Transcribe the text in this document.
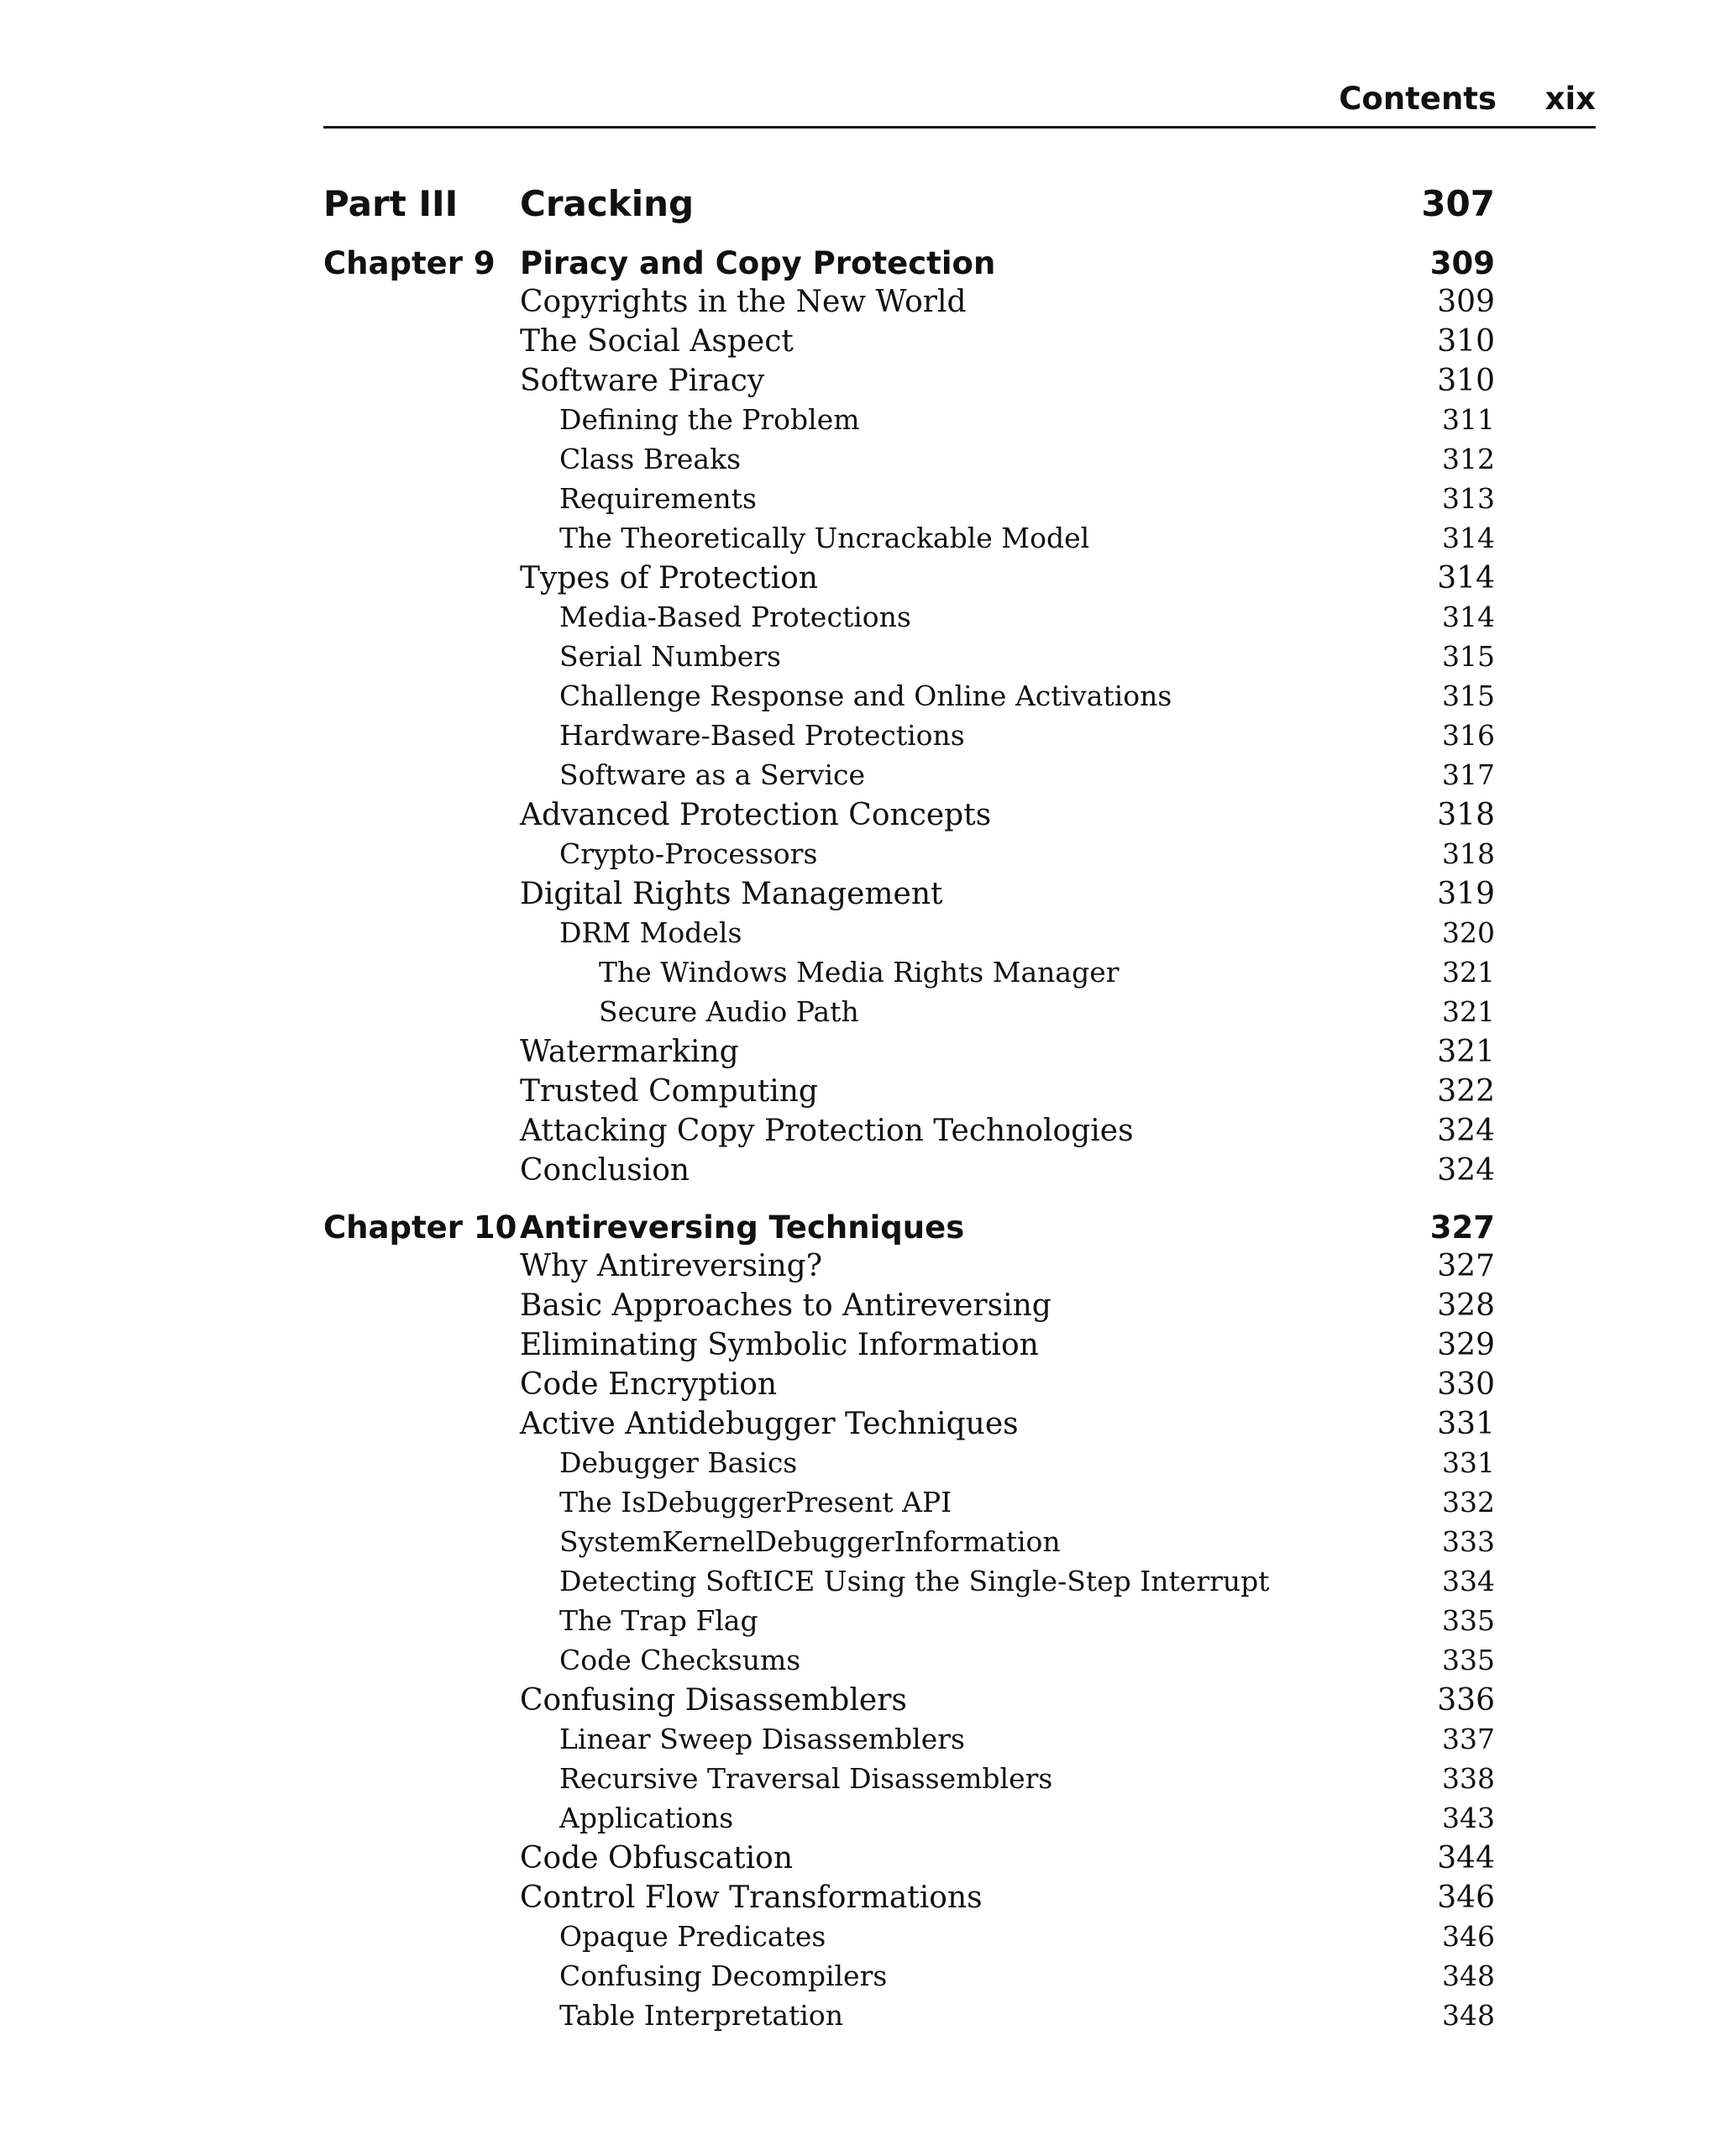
Contents xix
Part III Cracking	307
Chapter 9 Piracy and Copy Protection	309
Copyrights in the New World	309
The Social Aspect	310
Software Piracy	310
Defining the Problem	311
Class Breaks	312
Requirements	313
The Theoretically Uncrackable Model	314
Types of Protection	314
Media-Based Protections	314
Serial Numbers	315
Challenge Response and Online Activations	315
Hardware-Based Protections	316
Software as a Service	317
Advanced Protection Concepts	318
Crypto-Processors	318
Digital Rights Management	319
DRM Models	320
The Windows Media Rights Manager	321
Secure Audio Path	321
Watermarking	321
Trusted Computing	322
Attacking Copy Protection Technologies	324
Conclusion	324
Chapter 10 Antireversing Techniques	327
Why Antireversing?	327
Basic Approaches to Antireversing	328
Eliminating Symbolic Information	329
Code Encryption	330
Active Antidebugger Techniques	331
Debugger Basics	331
The IsDebuggerPresent API	332
SystemKernelDebuggerInformation	333
Detecting SoftICE Using the Single-Step Interrupt	334
The Trap Flag	335
Code Checksums	335
Confusing Disassemblers	336
Linear Sweep Disassemblers	337
Recursive Traversal Disassemblers	338
Applications	343
Code Obfuscation	344
Control Flow Transformations	346
Opaque Predicates	346
Confusing Decompilers	348
Table Interpretation	348
